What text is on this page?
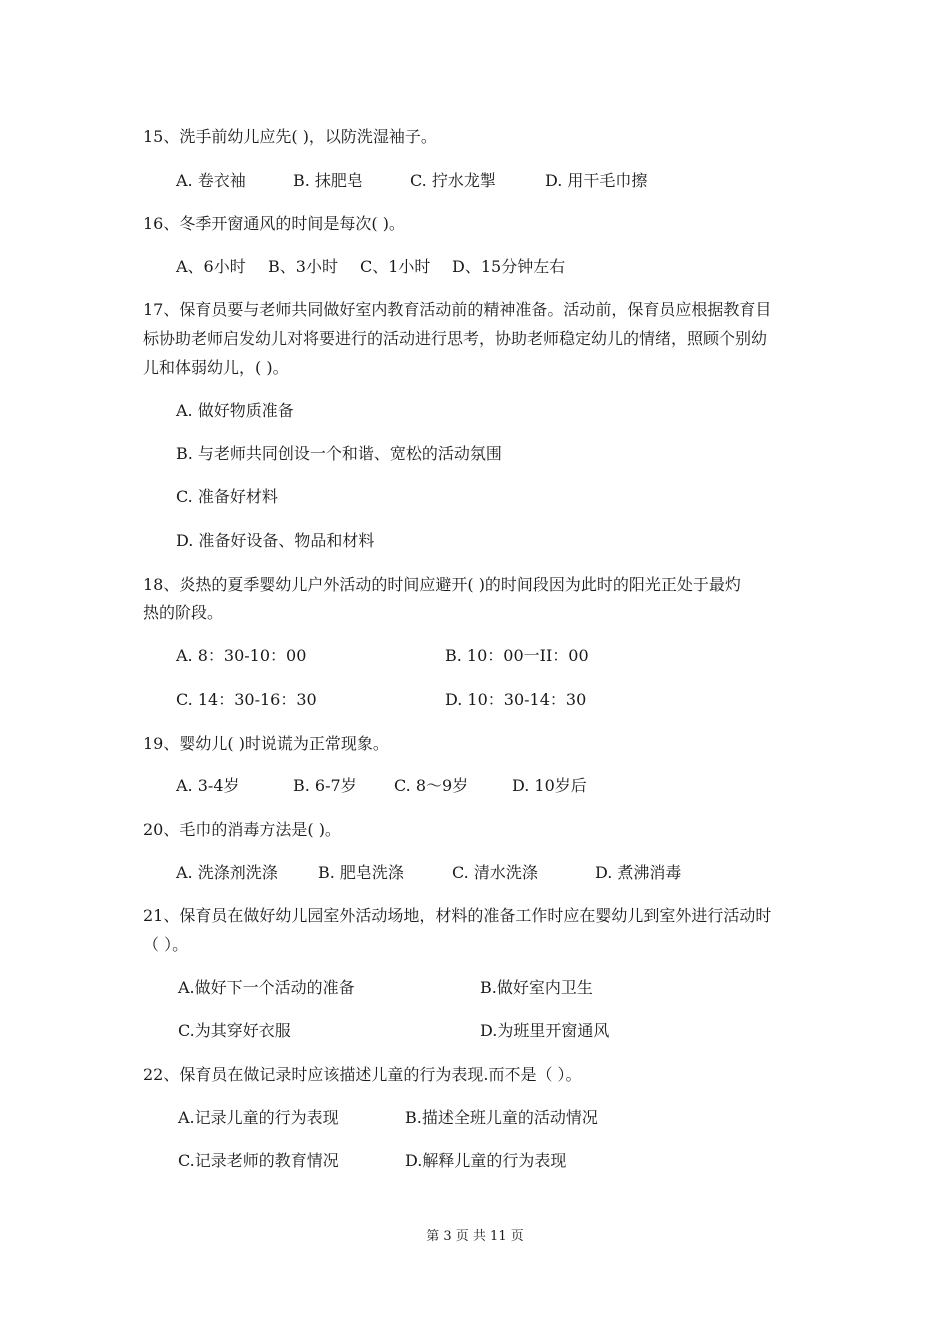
15、洗手前幼儿应先( )，以防洗湿袖子。
A. 卷衣袖	B. 抹肥皂	C. 拧水龙掣	D. 用干毛巾擦
16、冬季开窗通风的时间是每次( )。
A、6小时 B、3小时 C、1小时 D、15分钟左右
17、保育员要与老师共同做好室内教育活动前的精神准备。活动前，保育员应根据教育目
标协助老师启发幼儿对将要进行的活动进行思考，协助老师稳定幼儿的情绪，照顾个别幼
儿和体弱幼儿，( )。
A. 做好物质准备
B. 与老师共同创设一个和谐、宽松的活动氛围
C. 准备好材料
D. 准备好设备、物品和材料
18、炎热的夏季婴幼儿户外活动的时间应避开( )的时间段因为此时的阳光正处于最灼
热的阶段。
A. 8：30-10：00	B. 10：00一II：00
C. 14：30-16：30	D. 10：30-14：30
19、婴幼儿( )时说谎为正常现象。
A. 3-4岁	B. 6-7岁 C. 8～9岁	D. 10岁后
20、毛巾的消毒方法是( )。
A. 洗涤剂洗涤	B. 肥皂洗涤	C. 清水洗涤	D. 煮沸消毒
21、保育员在做好幼儿园室外活动场地，材料的准备工作时应在婴幼儿到室外进行活动时
（ ）。
A.做好下一个活动的准备	B.做好室内卫生
C.为其穿好衣服	D.为班里开窗通风
22、保育员在做记录时应该描述儿童的行为表现.而不是（ ）。
A.记录儿童的行为表现	B.描述全班儿童的活动情况
C.记录老师的教育情况	D.解释儿童的行为表现
第 3 页 共 11 页
